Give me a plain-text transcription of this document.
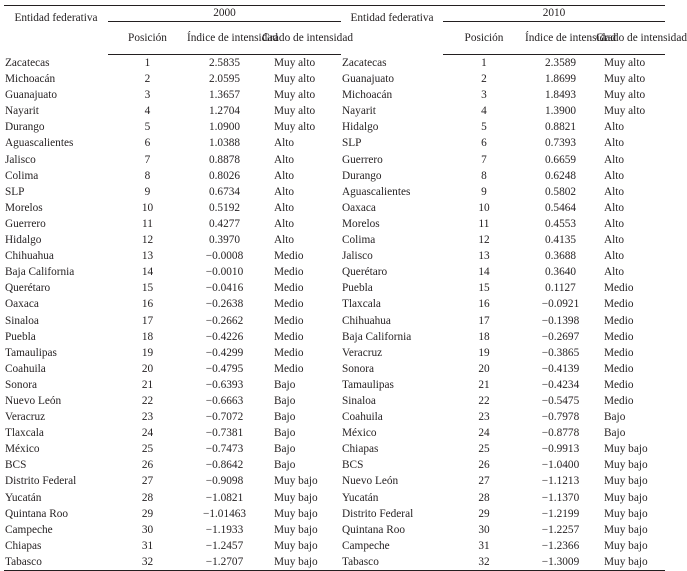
Entidad federativa	2000			Entidad federativa	2010		
	Posición	Índice de intensidad	Grado de intensidad		Posición	Índice de intensidad	Grado de intensidad
Zacatecas	1	2.5835	Muy alto	Zacatecas	1	2.3589	Muy alto
Michoacán	2	2.0595	Muy alto	Guanajuato	2	1.8699	Muy alto
Guanajuato	3	1.3657	Muy alto	Michoacán	3	1.8493	Muy alto
Nayarit	4	1.2704	Muy alto	Nayarit	4	1.3900	Muy alto
Durango	5	1.0900	Muy alto	Hidalgo	5	0.8821	Alto
Aguascalientes	6	1.0388	Alto	SLP	6	0.7393	Alto
Jalisco	7	0.8878	Alto	Guerrero	7	0.6659	Alto
Colima	8	0.8026	Alto	Durango	8	0.6248	Alto
SLP	9	0.6734	Alto	Aguascalientes	9	0.5802	Alto
Morelos	10	0.5192	Alto	Oaxaca	10	0.5464	Alto
Guerrero	11	0.4277	Alto	Morelos	11	0.4553	Alto
Hidalgo	12	0.3970	Alto	Colima	12	0.4135	Alto
Chihuahua	13	−0.0008	Medio	Jalisco	13	0.3688	Alto
Baja California	14	−0.0010	Medio	Querétaro	14	0.3640	Alto
Querétaro	15	−0.0416	Medio	Puebla	15	0.1127	Medio
Oaxaca	16	−0.2638	Medio	Tlaxcala	16	−0.0921	Medio
Sinaloa	17	−0.2662	Medio	Chihuahua	17	−0.1398	Medio
Puebla	18	−0.4226	Medio	Baja California	18	−0.2697	Medio
Tamaulipas	19	−0.4299	Medio	Veracruz	19	−0.3865	Medio
Coahuila	20	−0.4795	Medio	Sonora	20	−0.4139	Medio
Sonora	21	−0.6393	Bajo	Tamaulipas	21	−0.4234	Medio
Nuevo León	22	−0.6663	Bajo	Sinaloa	22	−0.5475	Medio
Veracruz	23	−0.7072	Bajo	Coahuila	23	−0.7978	Bajo
Tlaxcala	24	−0.7381	Bajo	México	24	−0.8778	Bajo
México	25	−0.7473	Bajo	Chiapas	25	−0.9913	Muy bajo
BCS	26	−0.8642	Bajo	BCS	26	−1.0400	Muy bajo
Distrito Federal	27	−0.9098	Muy bajo	Nuevo León	27	−1.1213	Muy bajo
Yucatán	28	−1.0821	Muy bajo	Yucatán	28	−1.1370	Muy bajo
Quintana Roo	29	−1.01463	Muy bajo	Distrito Federal	29	−1.2199	Muy bajo
Campeche	30	−1.1933	Muy bajo	Quintana Roo	30	−1.2257	Muy bajo
Chiapas	31	−1.2457	Muy bajo	Campeche	31	−1.2366	Muy bajo
Tabasco	32	−1.2707	Muy bajo	Tabasco	32	−1.3009	Muy bajo
